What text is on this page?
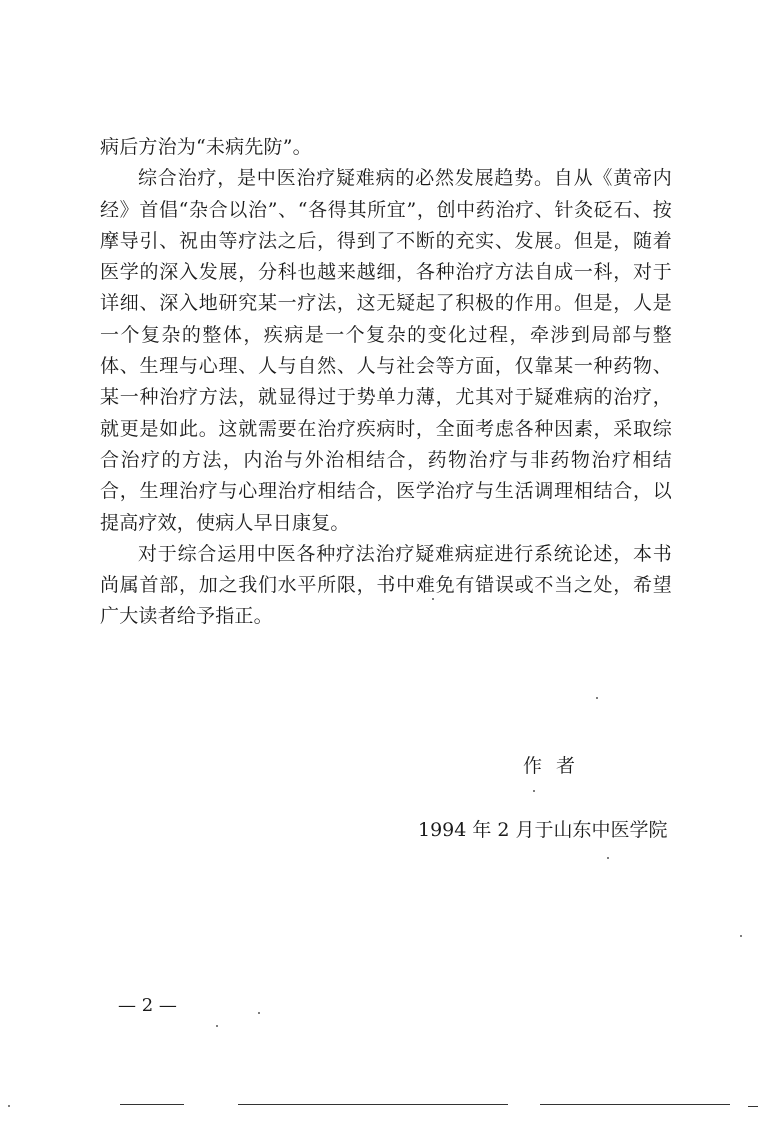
病后方治为“未病先防”。

综合治疗，是中医治疗疑难病的必然发展趋势。自从《黄帝内经》首倡“杂合以治”、“各得其所宜”，创中药治疗、针灸砭石、按摩导引、祝由等疗法之后，得到了不断的充实、发展。但是，随着医学的深入发展，分科也越来越细，各种治疗方法自成一科，对于详细、深入地研究某一疗法，这无疑起了积极的作用。但是，人是一个复杂的整体，疾病是一个复杂的变化过程，牵涉到局部与整体、生理与心理、人与自然、人与社会等方面，仅靠某一种药物、某一种治疗方法，就显得过于势单力薄，尤其对于疑难病的治疗，就更是如此。这就需要在治疗疾病时，全面考虑各种因素，采取综合治疗的方法，内治与外治相结合，药物治疗与非药物治疗相结合，生理治疗与心理治疗相结合，医学治疗与生活调理相结合，以提高疗效，使病人早日康复。

对于综合运用中医各种疗法治疗疑难病症进行系统论述，本书尚属首部，加之我们水平所限，书中难免有错误或不当之处，希望广大读者给予指正。

作者
1994 年 2 月于山东中医学院
— 2 —
